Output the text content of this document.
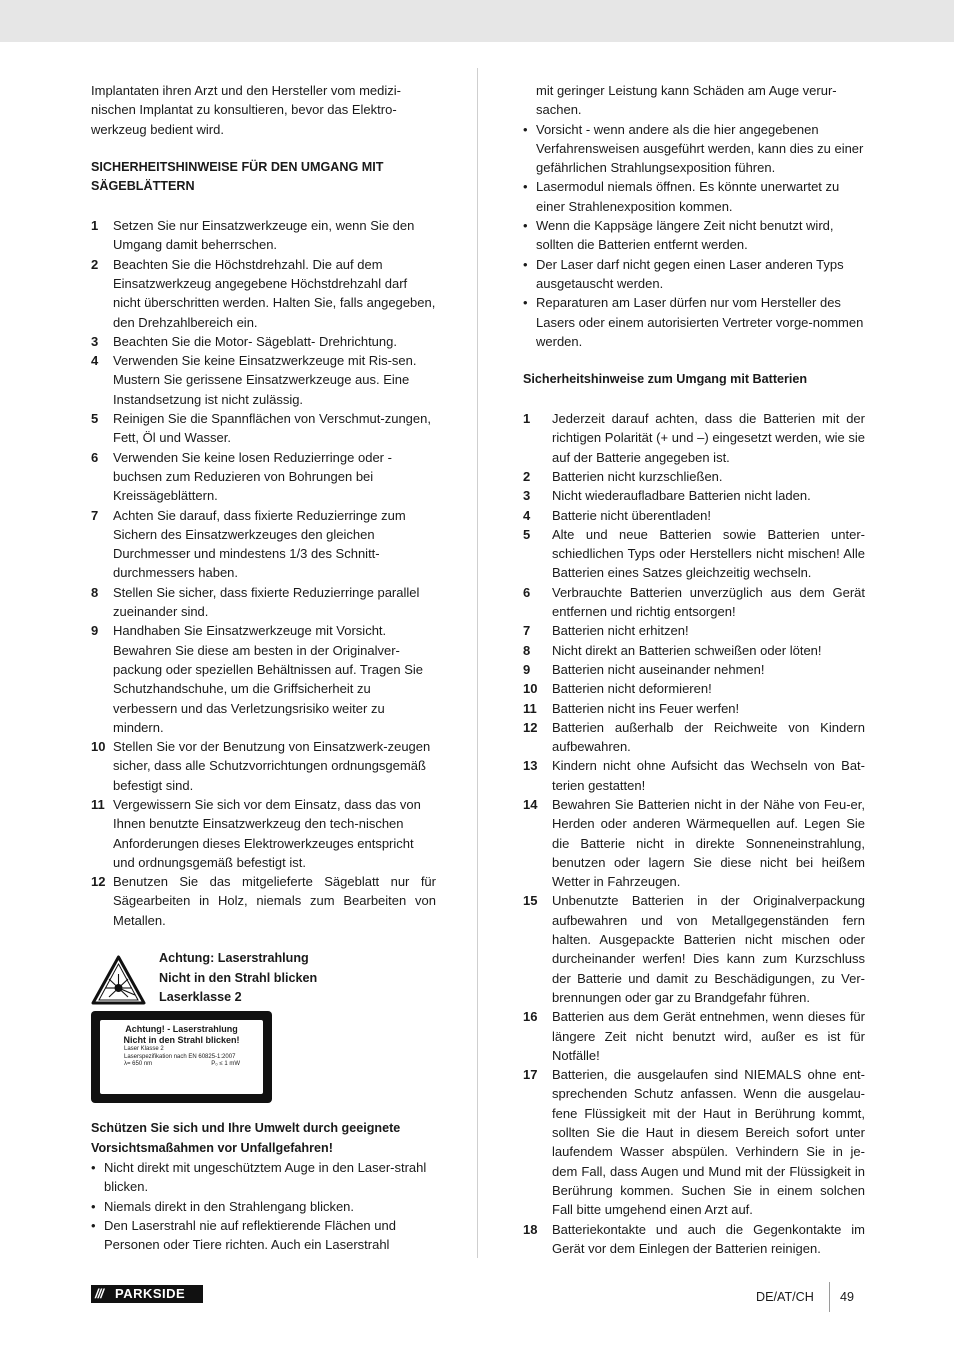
Implantaten ihren Arzt und den Hersteller vom medizi-nischen Implantat zu konsultieren, bevor das Elektro-werkzeug bedient wird.

SICHERHEITSHINWEISE FÜR DEN UMGANG MIT SÄGEBLÄTTERN

1 Setzen Sie nur Einsatzwerkzeuge ein, wenn Sie den Umgang damit beherrschen.

2 Beachten Sie die Höchstdrehzahl. Die auf dem Einsatzwerkzeug angegebene Höchstdrehzahl darf nicht überschritten werden. Halten Sie, falls angegeben, den Drehzahlbereich ein.

3 Beachten Sie die Motor- Sägeblatt- Drehrichtung.

4 Verwenden Sie keine Einsatzwerkzeuge mit Ris-sen. Mustern Sie gerissene Einsatzwerkzeuge aus. Eine Instandsetzung ist nicht zulässig.

5 Reinigen Sie die Spannflächen von Verschmut-zungen, Fett, Öl und Wasser.

6 Verwenden Sie keine losen Reduzierringe oder -buchsen zum Reduzieren von Bohrungen bei Kreissägeblättern.

7 Achten Sie darauf, dass fixierte Reduzierringe zum Sichern des Einsatzwerkzeuges den gleichen Durchmesser und mindestens 1/3 des Schnitt-durchmessers haben.

8 Stellen Sie sicher, dass fixierte Reduzierringe parallel zueinander sind.

9 Handhaben Sie Einsatzwerkzeuge mit Vorsicht. Bewahren Sie diese am besten in der Originalver-packung oder speziellen Behältnissen auf. Tragen Sie Schutzhandschuhe, um die Griffsicherheit zu verbessern und das Verletzungsrisiko weiter zu mindern.

10 Stellen Sie vor der Benutzung von Einsatzwerk-zeugen sicher, dass alle Schutzvorrichtungen ordnungsgemäß befestigt sind.

11 Vergewissern Sie sich vor dem Einsatz, dass das von Ihnen benutzte Einsatzwerkzeug den tech-nischen Anforderungen dieses Elektrowerkzeuges entspricht und ordnungsgemäß befestigt ist.

12 Benutzen Sie das mitgelieferte Sägeblatt nur für Sägearbeiten in Holz, niemals zum Bearbeiten von Metallen.

Achtung: Laserstrahlung
Nicht in den Strahl blicken
Laserklasse 2
Achtung! - Laserstrahlung
Nicht in den Strahl blicken!
Laser Klasse 2
Laserspezifikation nach EN 60825-1:2007
λ= 650 nm	P₀ ≤ 1 mW

Schützen Sie sich und Ihre Umwelt durch geeignete Vorsichtsmaßahmen vor Unfallgefahren!

• Nicht direkt mit ungeschütztem Auge in den Laser-strahl blicken.
• Niemals direkt in den Strahlengang blicken.
• Den Laserstrahl nie auf reflektierende Flächen und Personen oder Tiere richten. Auch ein Laserstrahl

mit geringer Leistung kann Schäden am Auge verur-sachen.

• Vorsicht - wenn andere als die hier angegebenen Verfahrensweisen ausgeführt werden, kann dies zu einer gefährlichen Strahlungsexposition führen.
• Lasermodul niemals öffnen. Es könnte unerwartet zu einer Strahlenexposition kommen.
• Wenn die Kappsäge längere Zeit nicht benutzt wird, sollten die Batterien entfernt werden.
• Der Laser darf nicht gegen einen Laser anderen Typs ausgetauscht werden.
• Reparaturen am Laser dürfen nur vom Hersteller des Lasers oder einem autorisierten Vertreter vorge-nommen werden.

Sicherheitshinweise zum Umgang mit Batterien

1 Jederzeit darauf achten, dass die Batterien mit der richtigen Polarität (+ und –) eingesetzt werden, wie sie auf der Batterie angegeben ist.

2 Batterien nicht kurzschließen.

3 Nicht wiederaufladbare Batterien nicht laden.

4 Batterie nicht überentladen!

5 Alte und neue Batterien sowie Batterien unter-schiedlichen Typs oder Herstellers nicht mischen! Alle Batterien eines Satzes gleichzeitig wechseln.

6 Verbrauchte Batterien unverzüglich aus dem Gerät entfernen und richtig entsorgen!

7 Batterien nicht erhitzen!

8 Nicht direkt an Batterien schweißen oder löten!

9 Batterien nicht auseinander nehmen!

10 Batterien nicht deformieren!

11 Batterien nicht ins Feuer werfen!

12 Batterien außerhalb der Reichweite von Kindern aufbewahren.

13 Kindern nicht ohne Aufsicht das Wechseln von Bat-terien gestatten!

14 Bewahren Sie Batterien nicht in der Nähe von Feu-er, Herden oder anderen Wärmequellen auf. Legen Sie die Batterie nicht in direkte Sonneneinstrahlung, benutzen oder lagern Sie diese nicht bei heißem Wetter in Fahrzeugen.

15 Unbenutzte Batterien in der Originalverpackung aufbewahren und von Metallgegenständen fern halten. Ausgepackte Batterien nicht mischen oder durcheinander werfen! Dies kann zum Kurzschluss der Batterie und damit zu Beschädigungen, zu Ver-brennungen oder gar zu Brandgefahr führen.

16 Batterien aus dem Gerät entnehmen, wenn dieses für längere Zeit nicht benutzt wird, außer es ist für Notfälle!

17 Batterien, die ausgelaufen sind NIEMALS ohne ent-sprechenden Schutz anfassen. Wenn die ausgelau-fene Flüssigkeit mit der Haut in Berührung kommt, sollten Sie die Haut in diesem Bereich sofort unter laufendem Wasser abspülen. Verhindern Sie in je-dem Fall, dass Augen und Mund mit der Flüssigkeit in Berührung kommen. Suchen Sie in einem solchen Fall bitte umgehend einen Arzt auf.

18 Batteriekontakte und auch die Gegenkontakte im Gerät vor dem Einlegen der Batterien reinigen.

/// PARKSIDE	DE/AT/CH 49
